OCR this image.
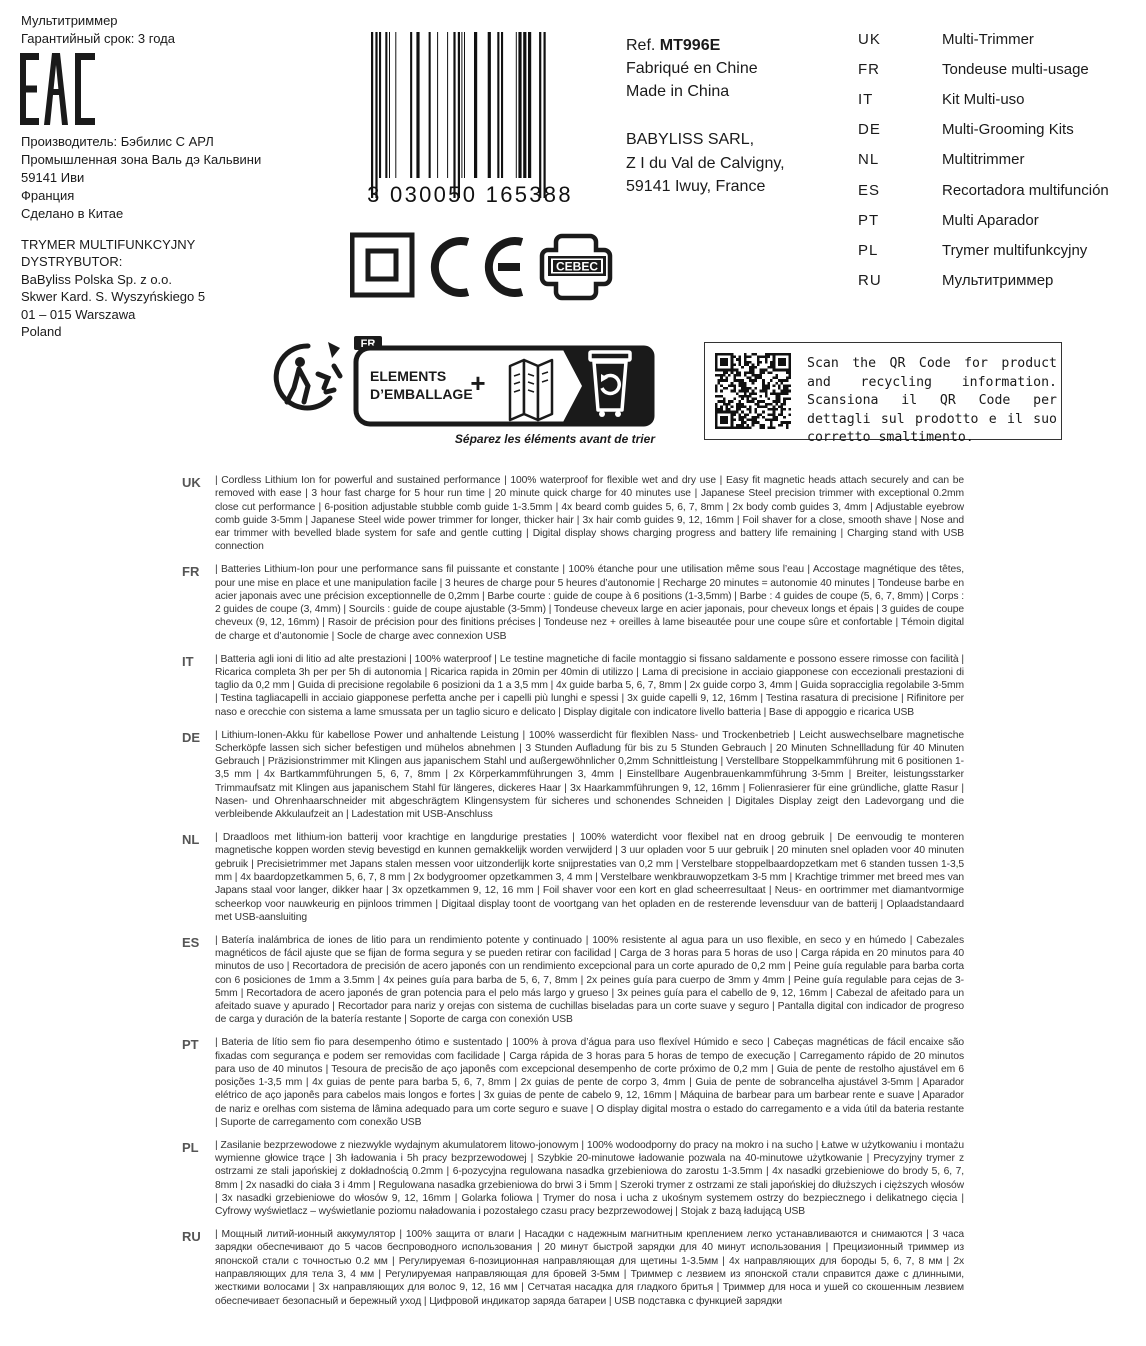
Мультитриммер
Гарантийный срок: 3 года
Производитель: Бэбилис С АРЛ
Промышленная зона Валь дэ Кальвини
59141 Иви
Франция
Сделано в Китае
TRYMER MULTIFUNKCYJNY
DYSTRYBUTOR:
BaByliss Polska Sp. z o.o.
Skwer Kard. S. Wyszyńskiego 5
01 – 015 Warszawa
Poland
3 030050 165388
Ref. MT996E
Fabriqué en Chine
Made in China
BABYLISS SARL,
Z I du Val de Calvigny,
59141 Iwuy, France
UK	Multi-Trimmer
FR	Tondeuse multi-usage
IT	Kit Multi-uso
DE	Multi-Grooming Kits
NL	Multitrimmer
ES	Recortadora multifunción
PT	Multi Aparador
PL	Trymer multifunkcyjny
RU	Мультитриммер
CE
CEBEC
FR
ELEMENTS
D’EMBALLAGE
+
Séparez les éléments avant de trier
Scan the QR Code for product and recycling information. Scansiona il QR Code per dettagli sul prodotto e il suo corretto smaltimento.
UK	| Cordless Lithium Ion for powerful and sustained performance | 100% waterproof for flexible wet and dry use | Easy fit magnetic heads attach securely and can be removed with ease | 3 hour fast charge for 5 hour run time | 20 minute quick charge for 40 minutes use | Japanese Steel precision trimmer with exceptional 0.2mm close cut performance | 6-position adjustable stubble comb guide 1-3.5mm | 4x beard comb guides 5, 6, 7, 8mm | 2x body comb guides 3, 4mm | Adjustable eyebrow comb guide 3-5mm | Japanese Steel wide power trimmer for longer, thicker hair | 3x hair comb guides 9, 12, 16mm | Foil shaver for a close, smooth shave | Nose and ear trimmer with bevelled blade system for safe and gentle cutting | Digital display shows charging progress and battery life remaining | Charging stand with USB connection
FR	| Batteries Lithium-Ion pour une performance sans fil puissante et constante | 100% étanche pour une utilisation même sous l’eau | Accostage magnétique des têtes, pour une mise en place et une manipulation facile | 3 heures de charge pour 5 heures d’autonomie | Recharge 20 minutes = autonomie 40 minutes | Tondeuse barbe en acier japonais avec une précision exceptionnelle de 0,2mm | Barbe courte : guide de coupe à 6 positions (1-3,5mm) | Barbe : 4 guides de coupe (5, 6, 7, 8mm) | Corps : 2 guides de coupe (3, 4mm) | Sourcils : guide de coupe ajustable (3-5mm) | Tondeuse cheveux large en acier japonais, pour cheveux longs et épais | 3 guides de coupe cheveux (9, 12, 16mm) | Rasoir de précision pour des finitions précises | Tondeuse nez + oreilles à lame biseautée pour une coupe sûre et confortable | Témoin digital de charge et d’autonomie | Socle de charge avec connexion USB
IT	| Batteria agli ioni di litio ad alte prestazioni | 100% waterproof | Le testine magnetiche di facile montaggio si fissano saldamente e possono essere rimosse con facilità | Ricarica completa 3h per per 5h di autonomia | Ricarica rapida in 20min per 40min di utilizzo | Lama di precisione in acciaio giapponese con eccezionali prestazioni di taglio da 0,2 mm | Guida di precisione regolabile 6 posizioni da 1 a 3,5 mm | 4x guide barba 5, 6, 7, 8mm | 2x guide corpo 3, 4mm | Guida sopracciglia regolabile 3-5mm | Testina tagliacapelli in acciaio giapponese perfetta anche per i capelli più lunghi e spessi | 3x guide capelli 9, 12, 16mm | Testina rasatura di precisione | Rifinitore per naso e orecchie con sistema a lame smussata per un taglio sicuro e delicato | Display digitale con indicatore livello batteria | Base di appoggio e ricarica USB
DE	| Lithium-Ionen-Akku für kabellose Power und anhaltende Leistung | 100% wasserdicht für flexiblen Nass- und Trockenbetrieb | Leicht auswechselbare magnetische Scherköpfe lassen sich sicher befestigen und mühelos abnehmen | 3 Stunden Aufladung für bis zu 5 Stunden Gebrauch | 20 Minuten Schnellladung für 40 Minuten Gebrauch | Präzisionstrimmer mit Klingen aus japanischem Stahl und außergewöhnlicher 0,2mm Schnittleistung | Verstellbare Stoppelkammführung mit 6 positionen 1-3,5 mm | 4x Bartkammführungen 5, 6, 7, 8mm | 2x Körperkammführungen 3, 4mm | Einstellbare Augenbrauenkammführung 3-5mm | Breiter, leistungsstarker Trimmaufsatz mit Klingen aus japanischem Stahl für längeres, dickeres Haar | 3x Haarkammführungen 9, 12, 16mm | Folienrasierer für eine gründliche, glatte Rasur | Nasen- und Ohrenhaarschneider mit abgeschrägtem Klingensystem für sicheres und schonendes Schneiden | Digitales Display zeigt den Ladevorgang und die verbleibende Akkulaufzeit an | Ladestation mit USB-Anschluss
NL	| Draadloos met lithium-ion batterij voor krachtige en langdurige prestaties | 100% waterdicht voor flexibel nat en droog gebruik | De eenvoudig te monteren magnetische koppen worden stevig bevestigd en kunnen gemakkelijk worden verwijderd | 3 uur opladen voor 5 uur gebruik | 20 minuten snel opladen voor 40 minuten gebruik | Precisietrimmer met Japans stalen messen voor uitzonderlijk korte snijprestaties van 0,2 mm | Verstelbare stoppelbaardopzetkam met 6 standen tussen 1-3,5 mm | 4x baardopzetkammen 5, 6, 7, 8 mm | 2x bodygroomer opzetkammen 3, 4 mm | Verstelbare wenkbrauwopzetkam 3-5 mm | Krachtige trimmer met breed mes van Japans staal voor langer, dikker haar | 3x opzetkammen 9, 12, 16 mm | Foil shaver voor een kort en glad scheerresultaat | Neus- en oortrimmer met diamantvormige scheerkop voor nauwkeurig en pijnloos trimmen | Digitaal display toont de voortgang van het opladen en de resterende levensduur van de batterij | Oplaadstandaard met USB-aansluiting
ES	| Batería inalámbrica de iones de litio para un rendimiento potente y continuado | 100% resistente al agua para un uso flexible, en seco y en húmedo | Cabezales magnéticos de fácil ajuste que se fijan de forma segura y se pueden retirar con facilidad | Carga de 3 horas para 5 horas de uso | Carga rápida en 20 minutos para 40 minutos de uso | Recortadora de precisión de acero japonés con un rendimiento excepcional para un corte apurado de 0,2 mm | Peine guía regulable para barba corta con 6 posiciones de 1mm a 3.5mm | 4x peines guía para barba de 5, 6, 7, 8mm | 2x peines guía para cuerpo de 3mm y 4mm | Peine guía regulable para cejas de 3-5mm | Recortadora de acero japonés de gran potencia para el pelo más largo y grueso | 3x peines guía para el cabello de 9, 12, 16mm | Cabezal de afeitado para un afeitado suave y apurado | Recortador para nariz y orejas con sistema de cuchillas biseladas para un corte suave y seguro | Pantalla digital con indicador de progreso de carga y duración de la batería restante | Soporte de carga con conexión USB
PT	| Bateria de lítio sem fio para desempenho ótimo e sustentado | 100% à prova d’água para uso flexível Húmido e seco | Cabeças magnéticas de fácil encaixe são fixadas com segurança e podem ser removidas com facilidade | Carga rápida de 3 horas para 5 horas de tempo de execução | Carregamento rápido de 20 minutos para uso de 40 minutos | Tesoura de precisão de aço japonês com excepcional desempenho de corte próximo de 0,2 mm | Guia de pente de restolho ajustável em 6 posições 1-3,5 mm | 4x guias de pente para barba 5, 6, 7, 8mm | 2x guias de pente de corpo 3, 4mm | Guia de pente de sobrancelha ajustável 3-5mm | Aparador elétrico de aço japonês para cabelos mais longos e fortes | 3x guias de pente de cabelo 9, 12, 16mm | Máquina de barbear para um barbear rente e suave | Aparador de nariz e orelhas com sistema de lâmina adequado para um corte seguro e suave | O display digital mostra o estado do carregamento e a vida útil da bateria restante | Suporte de carregamento com conexão USB
PL	| Zasilanie bezprzewodowe z niezwykle wydajnym akumulatorem litowo-jonowym | 100% wodoodporny do pracy na mokro i na sucho | Łatwe w użytkowaniu i montażu wymienne głowice trące | 3h ładowania i 5h pracy bezprzewodowej | Szybkie 20-minutowe ładowanie pozwala na 40-minutowe użytkowanie | Precyzyjny trymer z ostrzami ze stali japońskiej z dokładnością 0.2mm | 6-pozycyjna regulowana nasadka grzebieniowa do zarostu 1-3.5mm | 4x nasadki grzebieniowe do brody 5, 6, 7, 8mm | 2x nasadki do ciała 3 i 4mm | Regulowana nasadka grzebieniowa do brwi 3 i 5mm | Szeroki trymer z ostrzami ze stali japońskiej do dłuższych i cięższych włosów | 3x nasadki grzebieniowe do włosów 9, 12, 16mm | Golarka foliowa | Trymer do nosa i ucha z ukośnym systemem ostrzy do bezpiecznego i delikatnego cięcia | Cyfrowy wyświetlacz – wyświetlanie poziomu naładowania i pozostałego czasu pracy bezprzewodowej | Stojak z bazą ładującą USB
RU	| Мощный литий-ионный аккумулятор | 100% защита от влаги | Насадки с надежным магнитным креплением легко устанавливаются и снимаются | 3 часа зарядки обеспечивают до 5 часов беспроводного использования | 20 минут быстрой зарядки для 40 минут использования | Прецизионный триммер из японской стали с точностью 0.2 мм | Регулируемая 6-позиционная направляющая для щетины 1-3.5мм | 4х направляющих для бороды 5, 6, 7, 8 мм | 2х направляющих для тела 3, 4 мм | Регулируемая направляющая для бровей 3-5мм | Триммер с лезвием из японской стали справится даже с длинными, жесткими волосами | 3х направляющих для волос 9, 12, 16 мм | Сетчатая насадка для гладкого бритья | Триммер для носа и ушей со скошенным лезвием обеспечивает безопасный и бережный уход | Цифровой индикатор заряда батареи | USB подставка с функцией зарядки
